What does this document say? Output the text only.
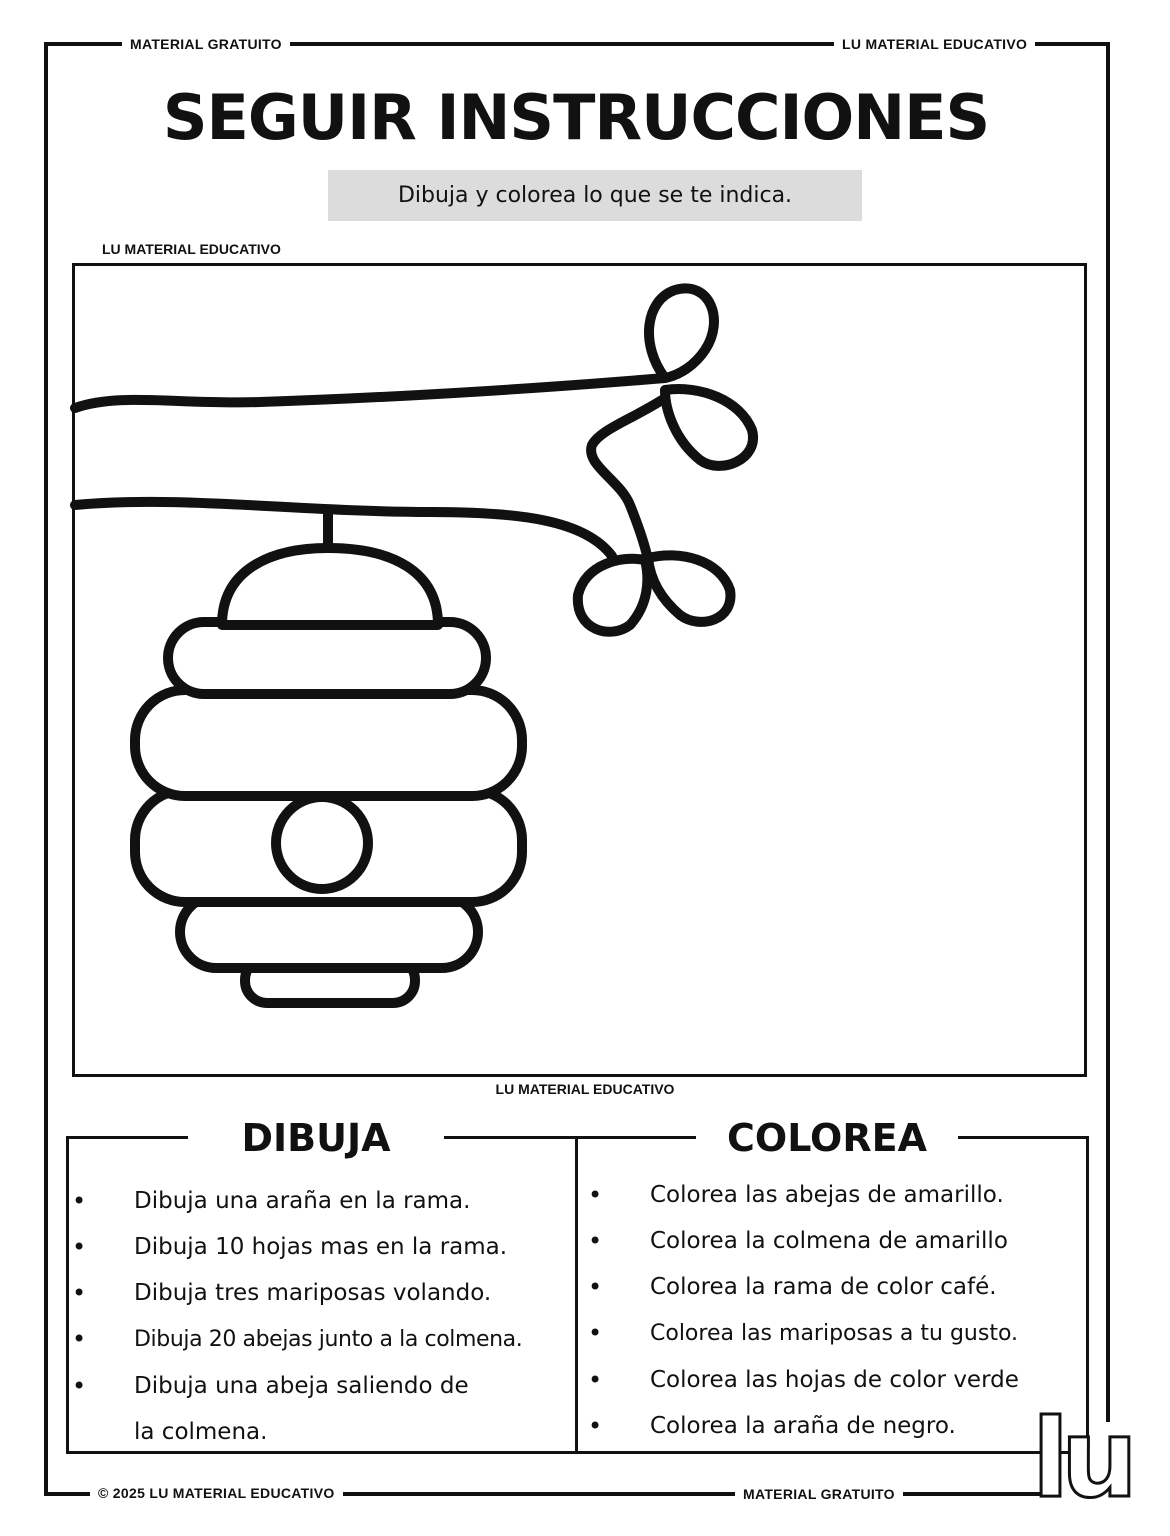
MATERIAL GRATUITO	LU MATERIAL EDUCATIVO
© 2025 LU MATERIAL EDUCATIVO	MATERIAL GRATUITO
SEGUIR INSTRUCCIONES
Dibuja y colorea lo que se te indica.
LU MATERIAL EDUCATIVO
LU MATERIAL EDUCATIVO
DIBUJA	COLOREA
• Dibuja una araña en la rama.
• Dibuja 10 hojas mas en la rama.
• Dibuja tres mariposas volando.
• Dibuja 20 abejas junto a la colmena.
• Dibuja una abeja saliendo de la colmena.
• Colorea las abejas de amarillo.
• Colorea la colmena de amarillo
• Colorea la rama de color café.
• Colorea las mariposas a tu gusto.
• Colorea las hojas de color verde
• Colorea la araña de negro. lu
